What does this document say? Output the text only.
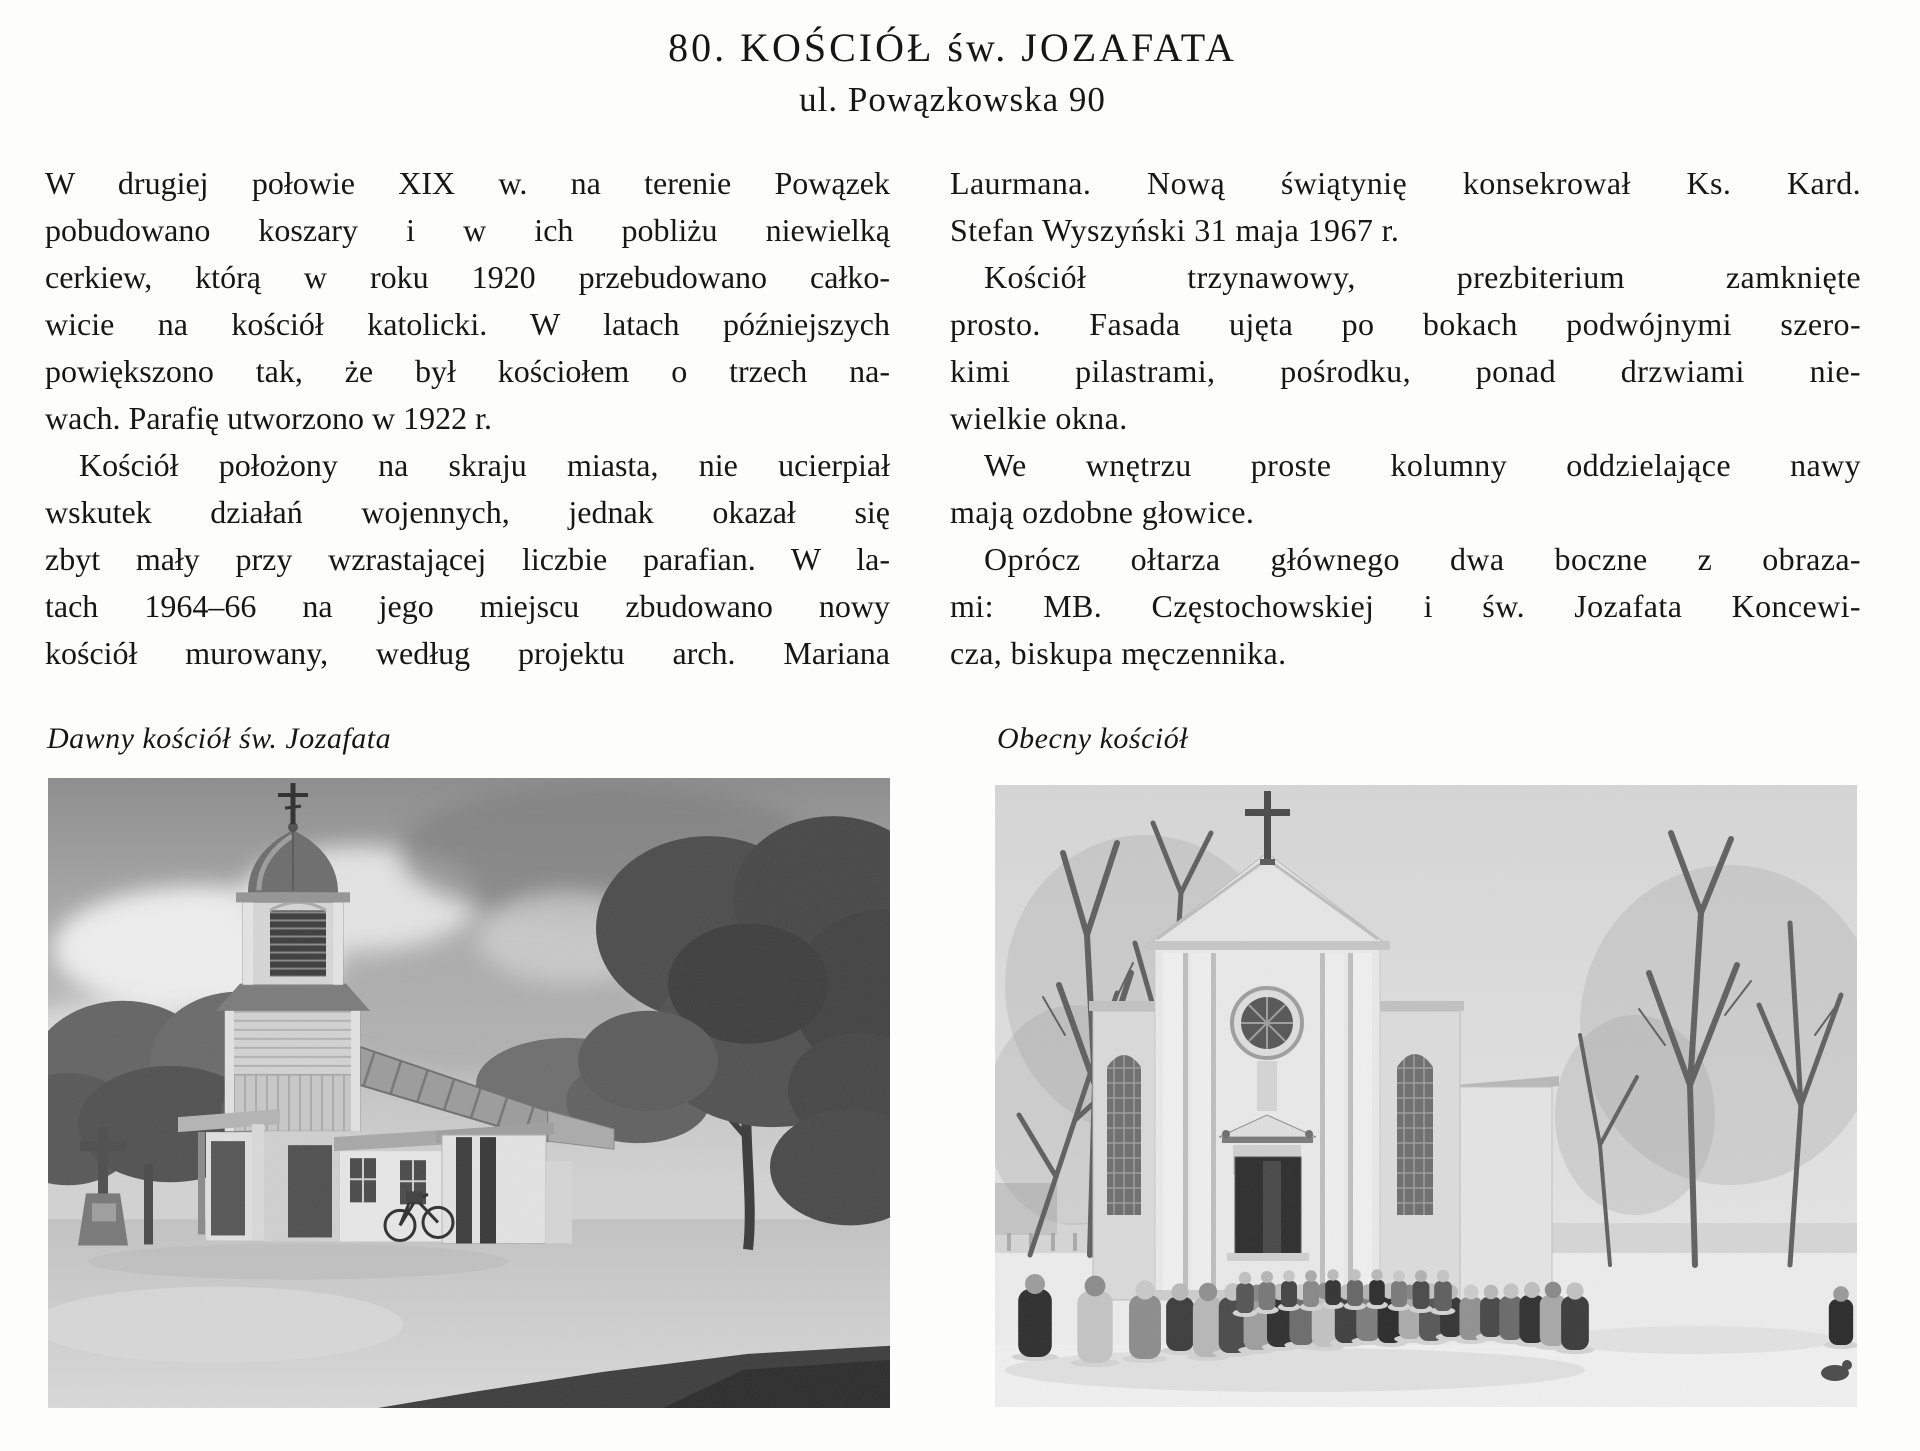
80. KOŚCIÓŁ św. JOZAFATA
ul. Powązkowska 90
W drugiej połowie XIX w. na terenie Powązek
pobudowano koszary i w ich pobliżu niewielką
cerkiew, którą w roku 1920 przebudowano całko-
wicie na kościół katolicki. W latach późniejszych
powiększono tak, że był kościołem o trzech na-
wach. Parafię utworzono w 1922 r.
Kościół położony na skraju miasta, nie ucierpiał
wskutek działań wojennych, jednak okazał się
zbyt mały przy wzrastającej liczbie parafian. W la-
tach 1964–66 na jego miejscu zbudowano nowy
kościół murowany, według projektu arch. Mariana
Laurmana. Nową świątynię konsekrował Ks. Kard.
Stefan Wyszyński 31 maja 1967 r.
Kościół trzynawowy, prezbiterium zamknięte
prosto. Fasada ujęta po bokach podwójnymi szero-
kimi pilastrami, pośrodku, ponad drzwiami nie-
wielkie okna.
We wnętrzu proste kolumny oddzielające nawy
mają ozdobne głowice.
Oprócz ołtarza głównego dwa boczne z obraza-
mi: MB. Częstochowskiej i św. Jozafata Koncewi-
cza, biskupa męczennika.
Dawny kościół św. Jozafata	Obecny kościół
